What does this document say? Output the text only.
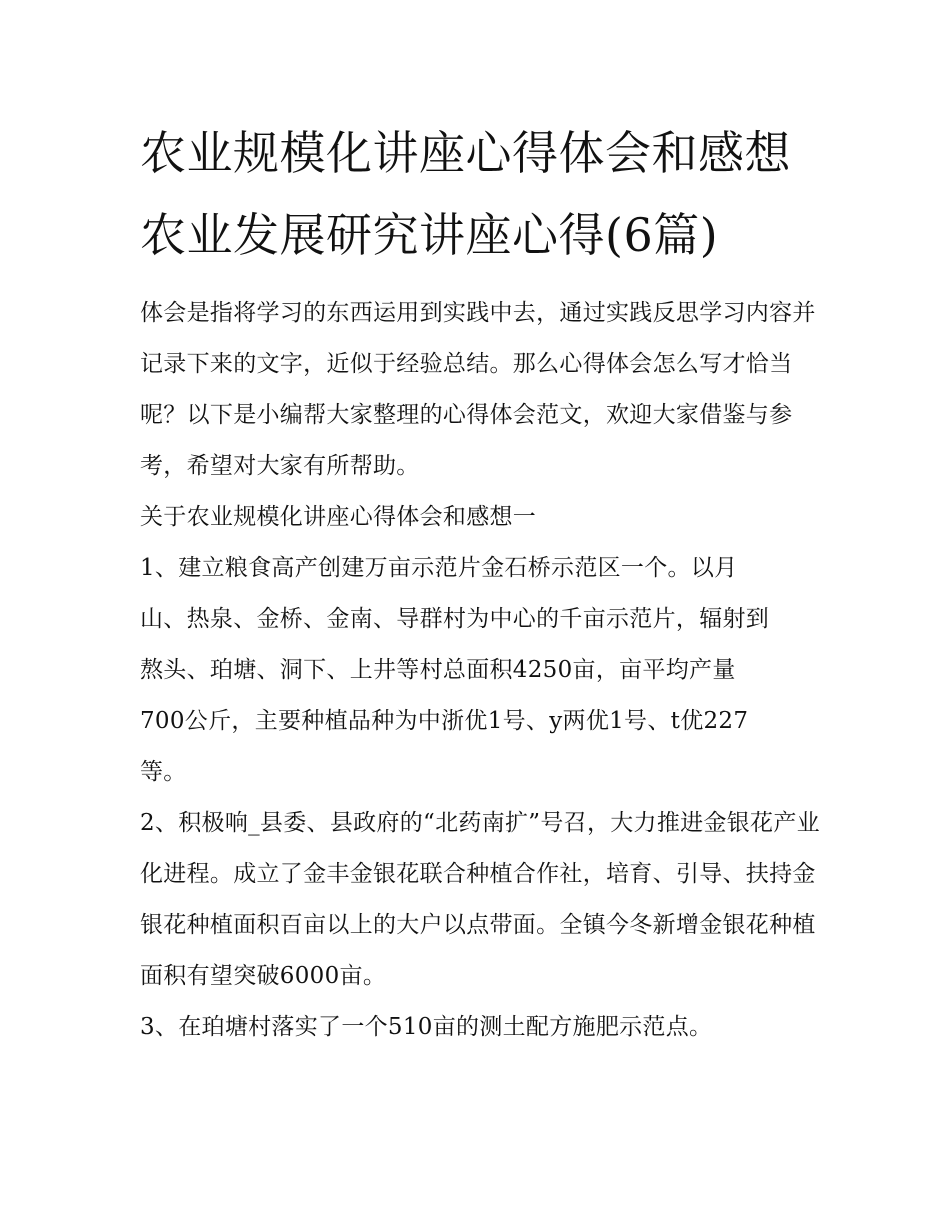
农业规模化讲座心得体会和感想 农业发展研究讲座心得(6篇)

体会是指将学习的东西运用到实践中去，通过实践反思学习内容并记录下来的文字，近似于经验总结。那么心得体会怎么写才恰当呢？以下是小编帮大家整理的心得体会范文，欢迎大家借鉴与参考，希望对大家有所帮助。

关于农业规模化讲座心得体会和感想一

1、建立粮食高产创建万亩示范片金石桥示范区一个。以月山、热泉、金桥、金南、导群村为中心的千亩示范片，辐射到熬头、珀塘、洞下、上井等村总面积4250亩，亩平均产量700公斤，主要种植品种为中浙优1号、y两优1号、t优227等。

2、积极响_县委、县政府的“北药南扩”号召，大力推进金银花产业化进程。成立了金丰金银花联合种植合作社，培育、引导、扶持金银花种植面积百亩以上的大户以点带面。全镇今冬新增金银花种植面积有望突破6000亩。

3、在珀塘村落实了一个510亩的测土配方施肥示范点。
